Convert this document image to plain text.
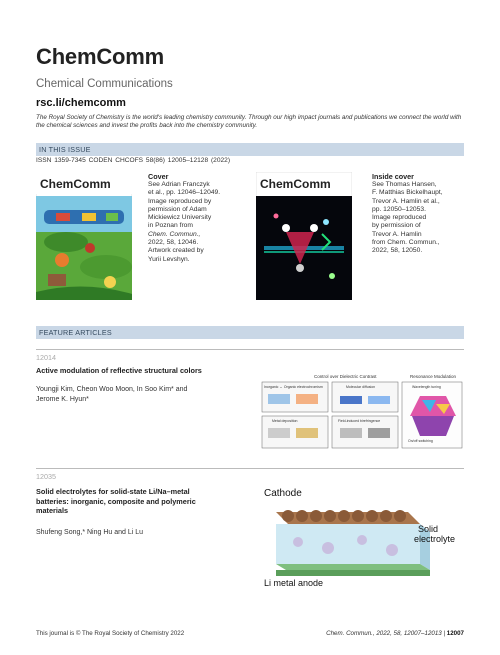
ChemComm
Chemical Communications
rsc.li/chemcomm
The Royal Society of Chemistry is the world's leading chemistry community. Through our high impact journals and publications we connect the world with the chemical sciences and invest the profits back into the chemistry community.
IN THIS ISSUE
ISSN 1359-7345 CODEN CHCOFS 58(86) 12005–12128 (2022)
ChemComm
Cover
See Adrian Franczyk
et al., pp. 12046–12049.
Image reproduced by
permission of Adam
Mickiewicz University
in Poznan from
Chem. Commun.,
2022, 58, 12046.
Artwork created by
Yurii Levshyn.
ChemComm
Inside cover
See Thomas Hansen,
F. Matthias Bickelhaupt,
Trevor A. Hamlin et al.,
pp. 12050–12053.
Image reproduced
by permission of
Trevor A. Hamlin
from Chem. Commun.,
2022, 58, 12050.
FEATURE ARTICLES
12014
Active modulation of reflective structural colors
Youngji Kim, Cheon Woo Moon, In Soo Kim* and
Jerome K. Hyun*
Control over Dielectric Contrast	Resonance Modulation
Inorganic ↔ Organic electrochromism	Molecular diffusion
Metal deposition	Field-induced birefringence
Wavelength tuning
On/off switching
12035
Solid electrolytes for solid-state Li/Na–metal
batteries: inorganic, composite and polymeric
materials
Shufeng Song,* Ning Hu and Li Lu
Cathode
Solid
electrolyte
Li metal anode
This journal is © The Royal Society of Chemistry 2022	Chem. Commun., 2022, 58, 12007–12013 | 12007
